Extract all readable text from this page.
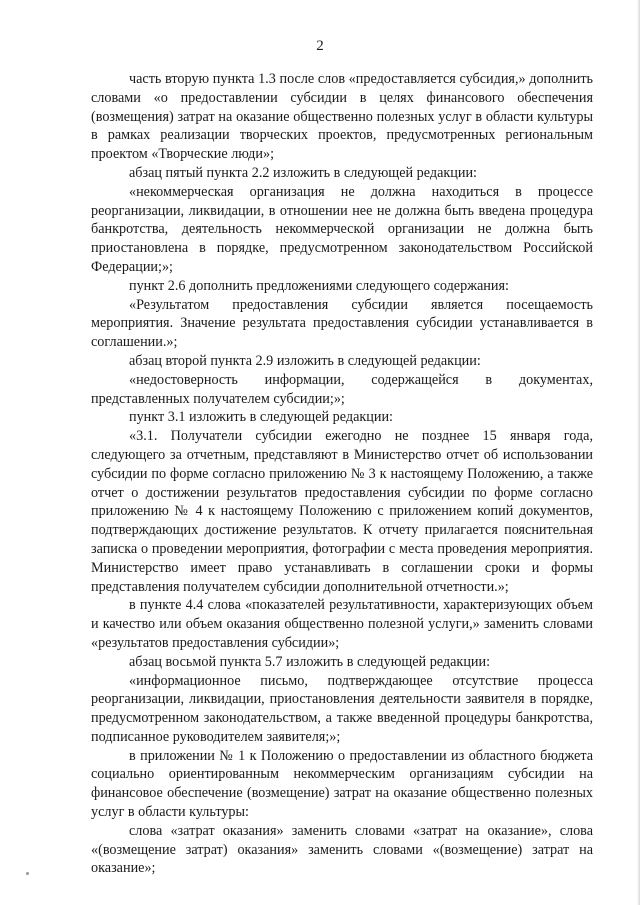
2

часть вторую пункта 1.3 после слов «предоставляется субсидия,» дополнить словами «о предоставлении субсидии в целях финансового обеспечения (возмещения) затрат на оказание общественно полезных услуг в области культуры в рамках реализации творческих проектов, предусмотренных региональным проектом «Творческие люди»;

абзац пятый пункта 2.2 изложить в следующей редакции:

«некоммерческая организация не должна находиться в процессе реорганизации, ликвидации, в отношении нее не должна быть введена процедура банкротства, деятельность некоммерческой организации не должна быть приостановлена в порядке, предусмотренном законодательством Российской Федерации;»;

пункт 2.6 дополнить предложениями следующего содержания:

«Результатом предоставления субсидии является посещаемость мероприятия. Значение результата предоставления субсидии устанавливается в соглашении.»;

абзац второй пункта 2.9 изложить в следующей редакции:

«недостоверность информации, содержащейся в документах, представленных получателем субсидии;»;

пункт 3.1 изложить в следующей редакции:

«3.1. Получатели субсидии ежегодно не позднее 15 января года, следующего за отчетным, представляют в Министерство отчет об использовании субсидии по форме согласно приложению № 3 к настоящему Положению, а также отчет о достижении результатов предоставления субсидии по форме согласно приложению № 4 к настоящему Положению с приложением копий документов, подтверждающих достижение результатов. К отчету прилагается пояснительная записка о проведении мероприятия, фотографии с места проведения мероприятия. Министерство имеет право устанавливать в соглашении сроки и формы представления получателем субсидии дополнительной отчетности.»;

в пункте 4.4 слова «показателей результативности, характеризующих объем и качество или объем оказания общественно полезной услуги,» заменить словами «результатов предоставления субсидии»;

абзац восьмой пункта 5.7 изложить в следующей редакции:

«информационное письмо, подтверждающее отсутствие процесса реорганизации, ликвидации, приостановления деятельности заявителя в порядке, предусмотренном законодательством, а также введенной процедуры банкротства, подписанное руководителем заявителя;»;

в приложении № 1 к Положению о предоставлении из областного бюджета социально ориентированным некоммерческим организациям субсидии на финансовое обеспечение (возмещение) затрат на оказание общественно полезных услуг в области культуры:

слова «затрат оказания» заменить словами «затрат на оказание», слова «(возмещение затрат) оказания» заменить словами «(возмещение) затрат на оказание»;
